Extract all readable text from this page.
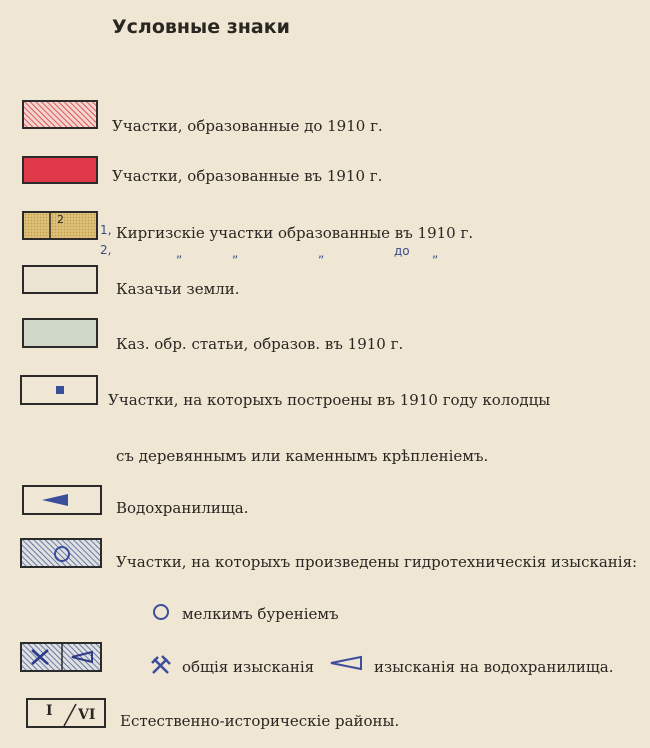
Условные знаки
Участки, образованные до 1910 г.
Участки, образованные въ 1910 г.
2
1,
2,
Киргизскіе участки образованные въ 1910 г.
„	„	„	до „
Казачьи земли.
Каз. обр. статьи, образов. въ 1910 г.
Участки, на которыхъ построены въ 1910 году колодцы
съ деревяннымъ или каменнымъ крѣпленіемъ.
Водохранилища.
Участки, на которыхъ произведены гидротехническія изысканія:
мелкимъ буреніемъ
общія изысканія	изысканія на водохранилища.
I VI Естественно-историческіе районы.
